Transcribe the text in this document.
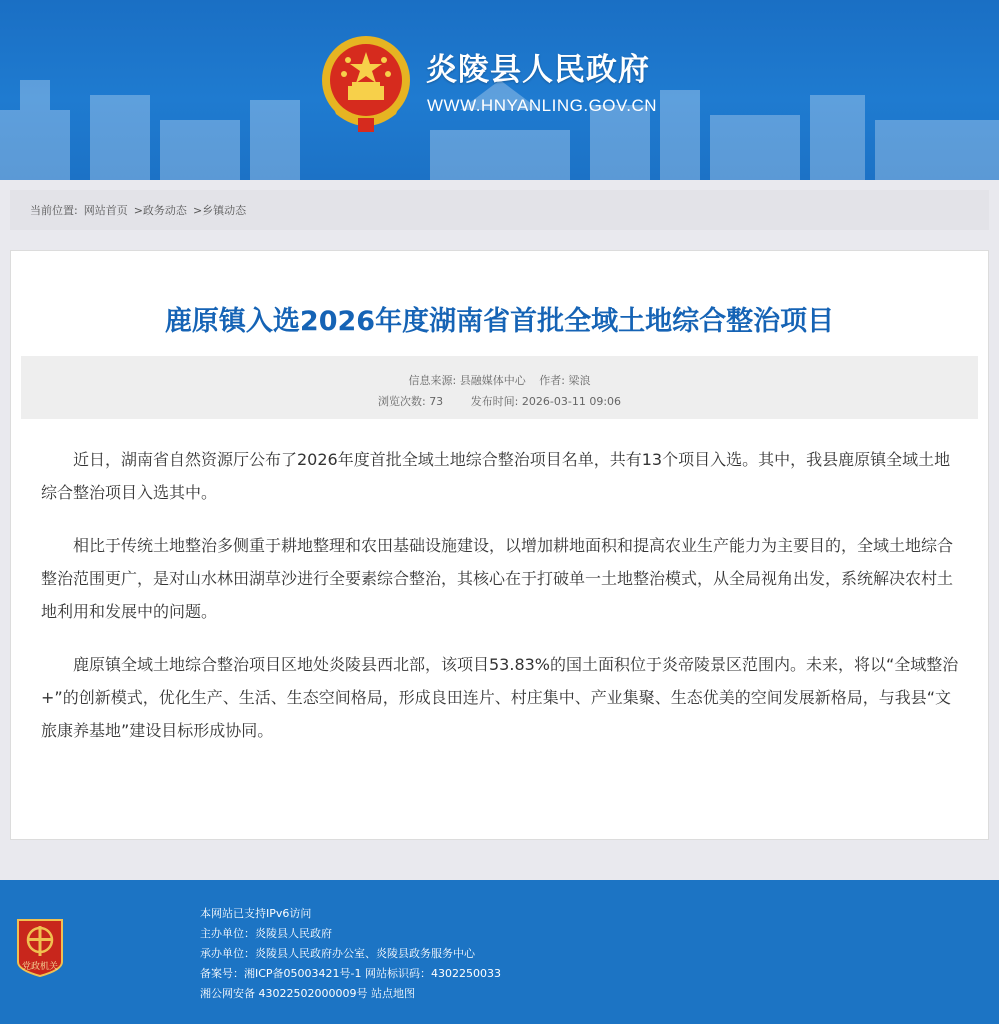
炎陵县人民政府
WWW.HNYANLING.GOV.CN
当前位置: 网站首页 >政务动态 >乡镇动态
鹿原镇入选2026年度湖南省首批全域土地综合整治项目
信息来源: 县融媒体中心 作者: 梁浪
浏览次数: 73	发布时间: 2026-03-11 09:06

近日，湖南省自然资源厅公布了2026年度首批全域土地综合整治项目名单，共有13个项目入选。其中，我县鹿原镇全域土地综合整治项目入选其中。

相比于传统土地整治多侧重于耕地整理和农田基础设施建设，以增加耕地面积和提高农业生产能力为主要目的，全域土地综合整治范围更广，是对山水林田湖草沙进行全要素综合整治，其核心在于打破单一土地整治模式，从全局视角出发，系统解决农村土地利用和发展中的问题。

鹿原镇全域土地综合整治项目区地处炎陵县西北部，该项目53.83%的国土面积位于炎帝陵景区范围内。未来，将以“全域整治+”的创新模式，优化生产、生活、生态空间格局，形成良田连片、村庄集中、产业集聚、生态优美的空间发展新格局，与我县“文旅康养基地”建设目标形成协同。

党政机关
本网站已支持IPv6访问
主办单位：炎陵县人民政府
承办单位：炎陵县人民政府办公室、炎陵县政务服务中心
备案号：湘ICP备05003421号-1 网站标识码：4302250033
湘公网安备 43022502000009号 站点地图
